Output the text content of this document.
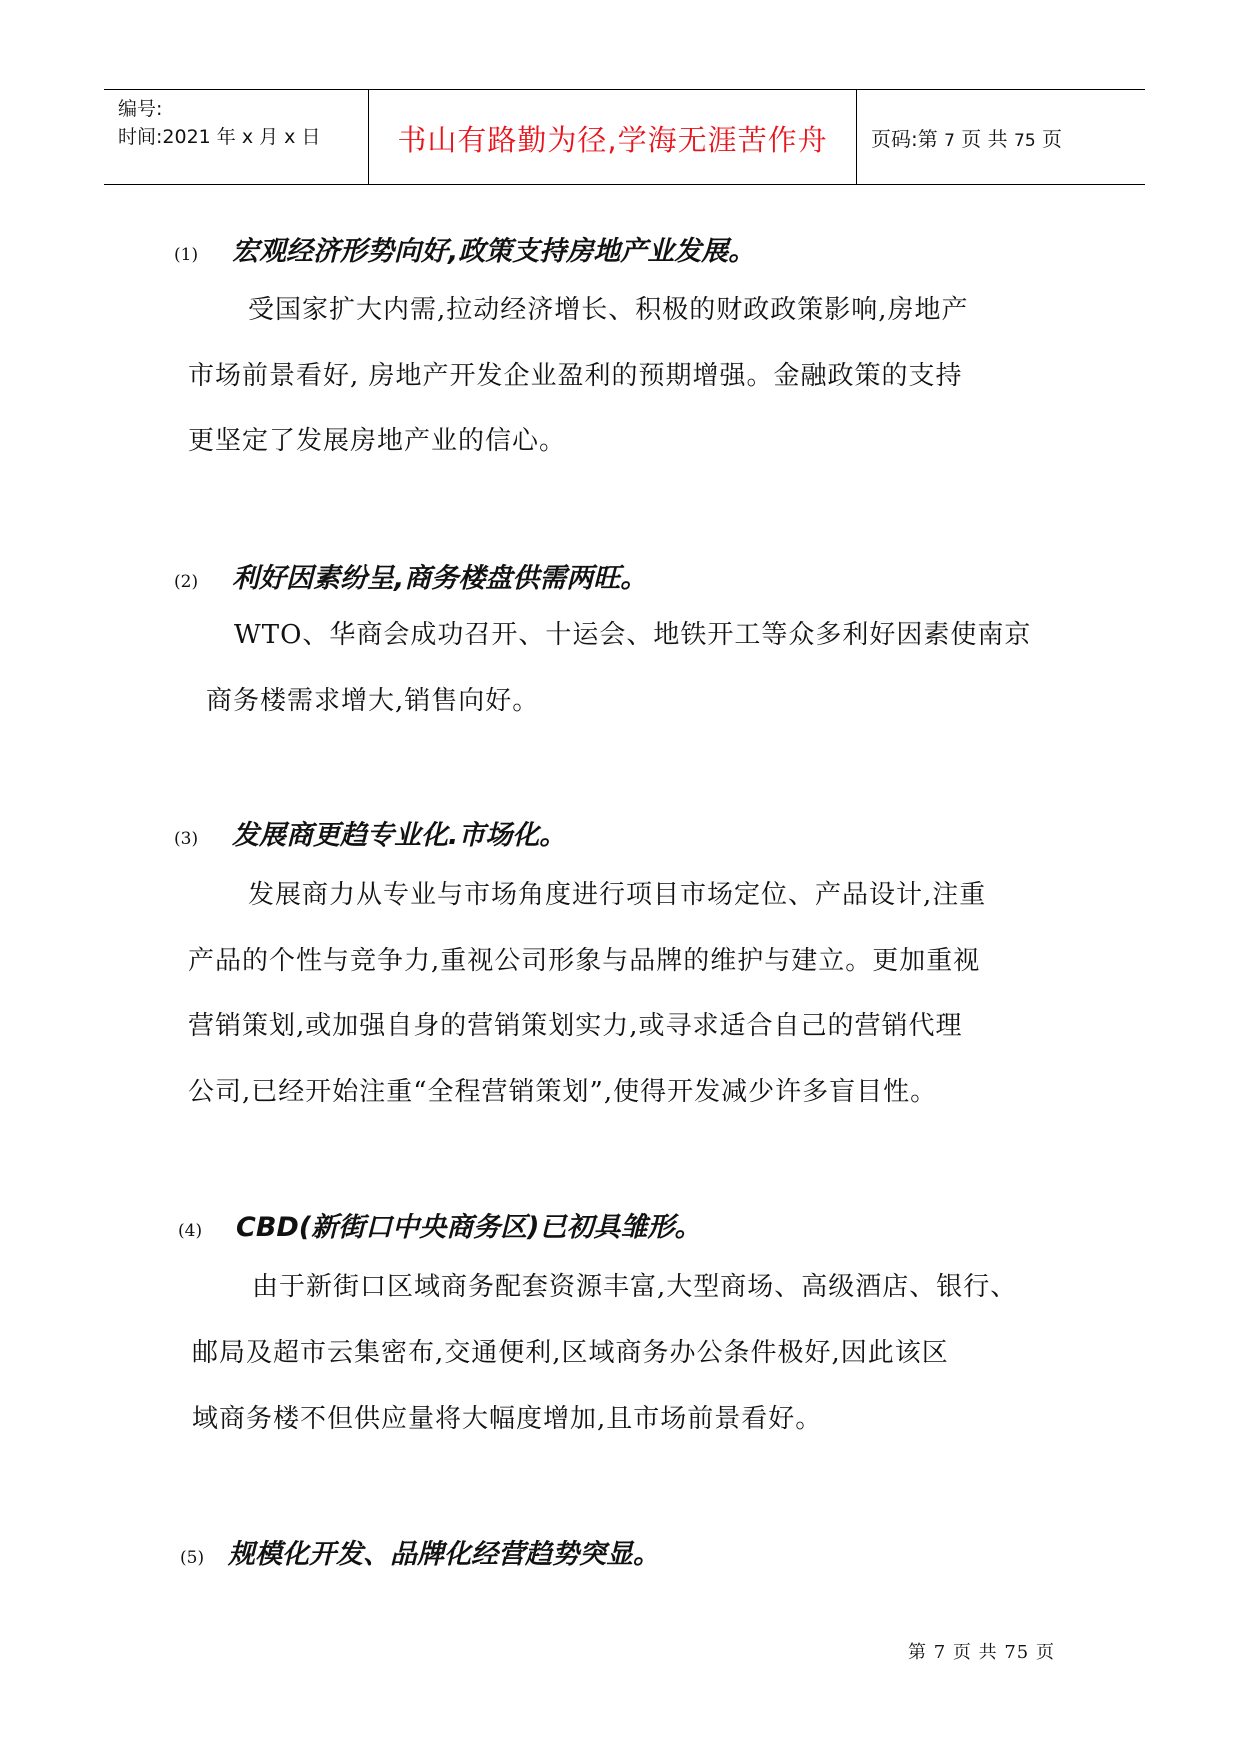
编号:
时间:2021 年 x 月 x 日	书山有路勤为径,学海无涯苦作舟	页码:第 7 页 共 75 页
(1) 宏观经济形势向好,政策支持房地产业发展。
受国家扩大内需,拉动经济增长、积极的财政政策影响,房地产
市场前景看好, 房地产开发企业盈利的预期增强。金融政策的支持
更坚定了发展房地产业的信心。
(2) 利好因素纷呈,商务楼盘供需两旺。
WTO、华商会成功召开、十运会、地铁开工等众多利好因素使南京
商务楼需求增大,销售向好。
(3) 发展商更趋专业化.市场化。
发展商力从专业与市场角度进行项目市场定位、产品设计,注重
产品的个性与竞争力,重视公司形象与品牌的维护与建立。更加重视
营销策划,或加强自身的营销策划实力,或寻求适合自己的营销代理
公司,已经开始注重“全程营销策划”,使得开发减少许多盲目性。
(4) CBD(新街口中央商务区)已初具雏形。
由于新街口区域商务配套资源丰富,大型商场、高级酒店、银行、
邮局及超市云集密布,交通便利,区域商务办公条件极好,因此该区
域商务楼不但供应量将大幅度增加,且市场前景看好。
(5) 规模化开发、品牌化经营趋势突显。
第 7 页 共 75 页
